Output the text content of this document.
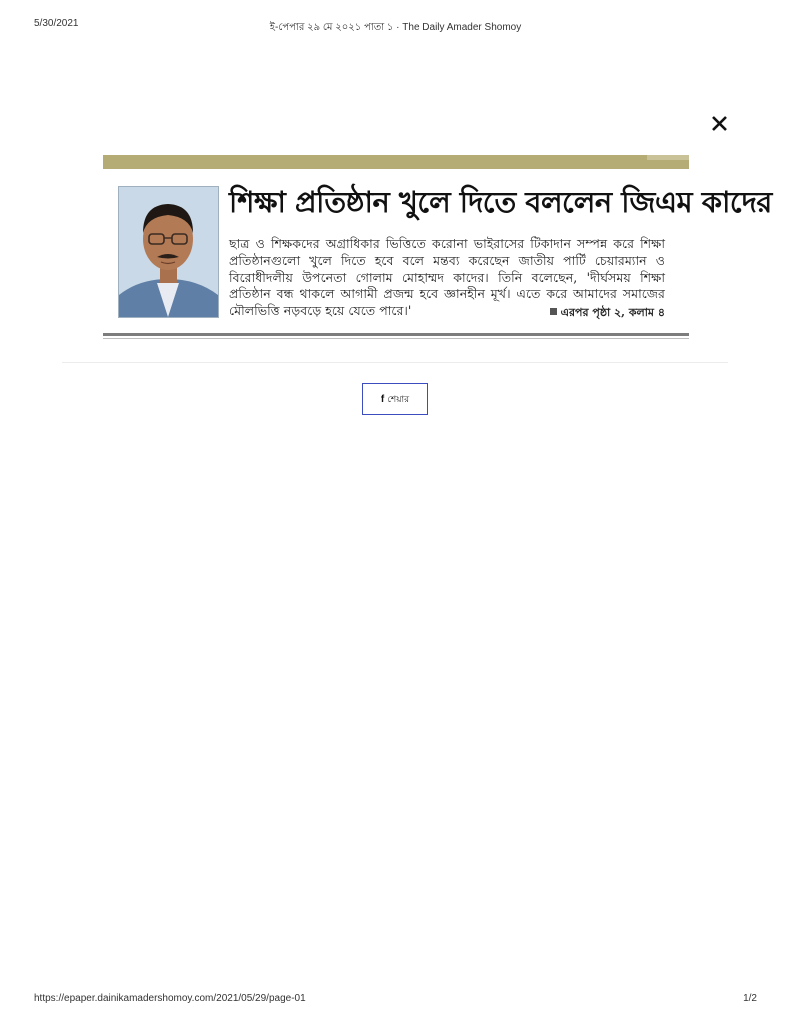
5/30/2021	ই-পেপার ২৯ মে ২০২১ পাতা ১ · The Daily Amader Shomoy
শিক্ষা প্রতিষ্ঠান খুলে দিতে বললেন জিএম কাদের
ছাত্র ও শিক্ষকদের অগ্রাধিকার ভিত্তিতে করোনা ভাইরাসের টিকাদান সম্পন্ন করে শিক্ষা প্রতিষ্ঠানগুলো খুলে দিতে হবে বলে মন্তব্য করেছেন জাতীয় পার্টি চেয়ারম্যান ও বিরোধীদলীয় উপনেতা গোলাম মোহাম্মদ কাদের। তিনি বলেছেন, 'দীর্ঘসময় শিক্ষা প্রতিষ্ঠান বন্ধ থাকলে আগামী প্রজন্ম হবে জ্ঞানহীন মূর্খ। এতে করে আমাদের সমাজের মৌলভিত্তি নড়বড়ে হয়ে যেতে পারে।'	এরপর পৃষ্ঠা ২, কলাম ৪
f শেয়ার
https://epaper.dainikamadershomoy.com/2021/05/29/page-01	1/2
